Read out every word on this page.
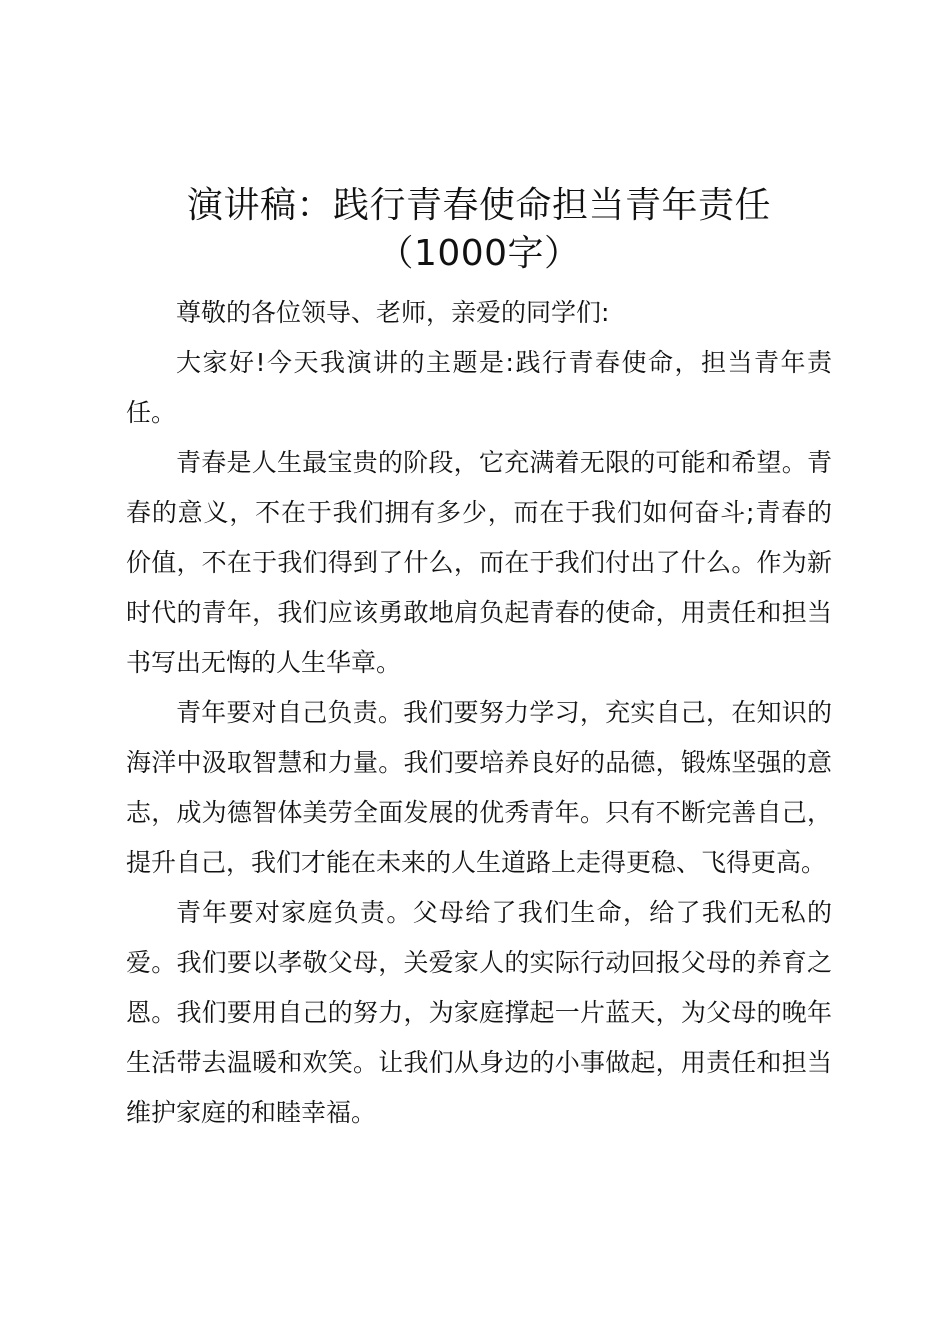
演讲稿：践行青春使命担当青年责任（1000字）

尊敬的各位领导、老师，亲爱的同学们:

大家好!今天我演讲的主题是:践行青春使命，担当青年责任。

青春是人生最宝贵的阶段，它充满着无限的可能和希望。青春的意义，不在于我们拥有多少，而在于我们如何奋斗;青春的价值，不在于我们得到了什么，而在于我们付出了什么。作为新时代的青年，我们应该勇敢地肩负起青春的使命，用责任和担当书写出无悔的人生华章。

青年要对自己负责。我们要努力学习，充实自己，在知识的海洋中汲取智慧和力量。我们要培养良好的品德，锻炼坚强的意志，成为德智体美劳全面发展的优秀青年。只有不断完善自己，提升自己，我们才能在未来的人生道路上走得更稳、飞得更高。

青年要对家庭负责。父母给了我们生命，给了我们无私的爱。我们要以孝敬父母，关爱家人的实际行动回报父母的养育之恩。我们要用自己的努力，为家庭撑起一片蓝天，为父母的晚年生活带去温暖和欢笑。让我们从身边的小事做起，用责任和担当维护家庭的和睦幸福。
